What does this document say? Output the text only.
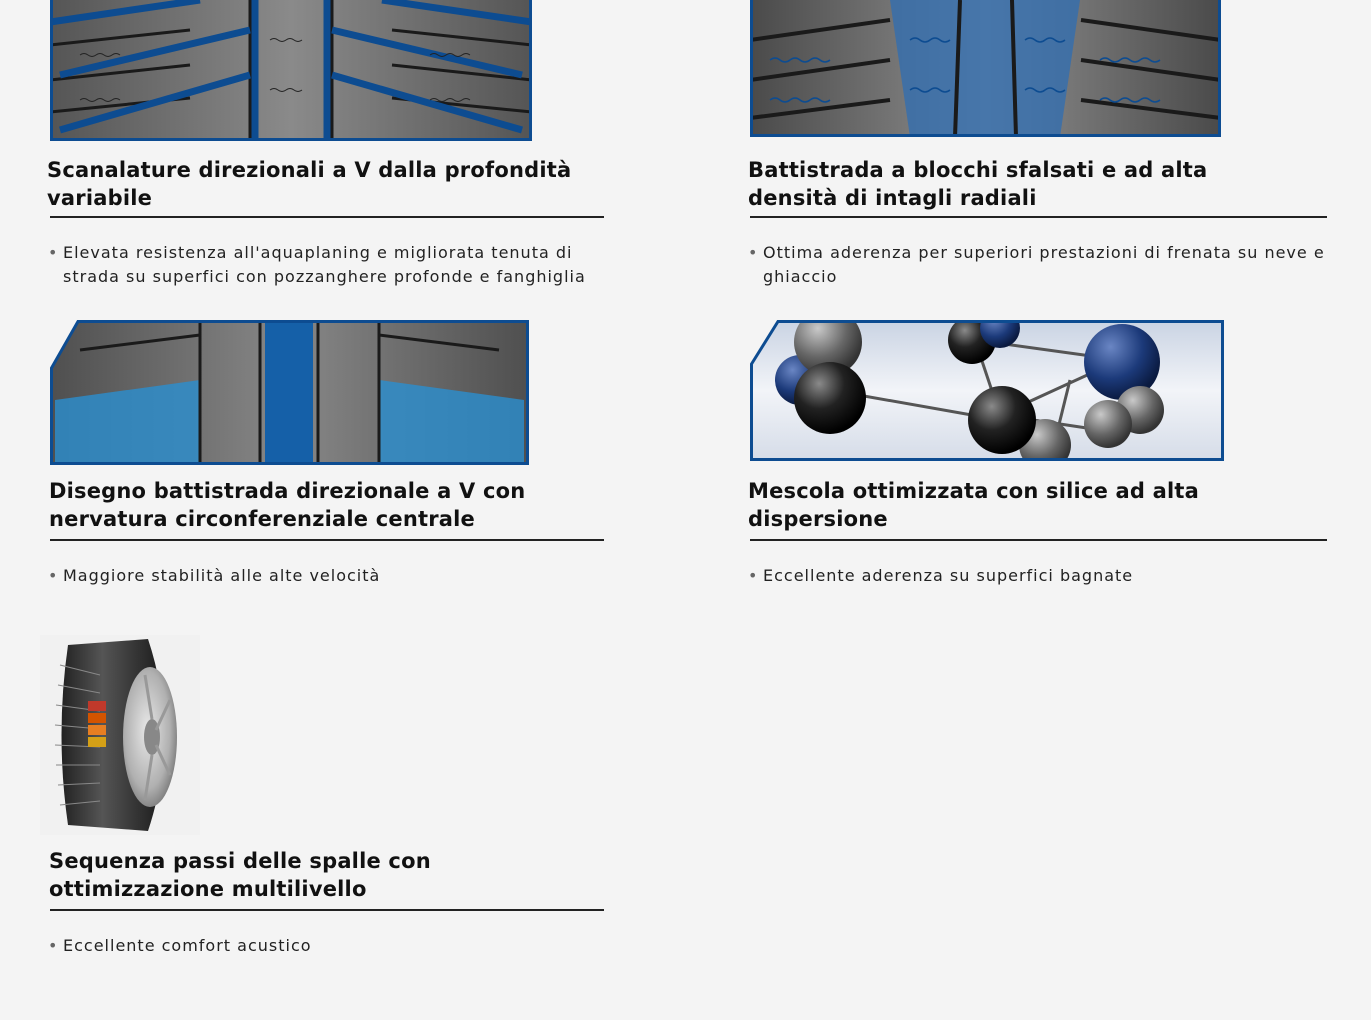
Scanalature direzionali a V dalla profondità variabile
• Elevata resistenza all'aquaplaning e migliorata tenuta di strada su superfici con pozzanghere profonde e fanghiglia
Battistrada a blocchi sfalsati e ad alta densità di intagli radiali
• Ottima aderenza per superiori prestazioni di frenata su neve e ghiaccio
Disegno battistrada direzionale a V con nervatura circonferenziale centrale
• Maggiore stabilità alle alte velocità
Mescola ottimizzata con silice ad alta dispersione
• Eccellente aderenza su superfici bagnate
Sequenza passi delle spalle con ottimizzazione multilivello
• Eccellente comfort acustico
